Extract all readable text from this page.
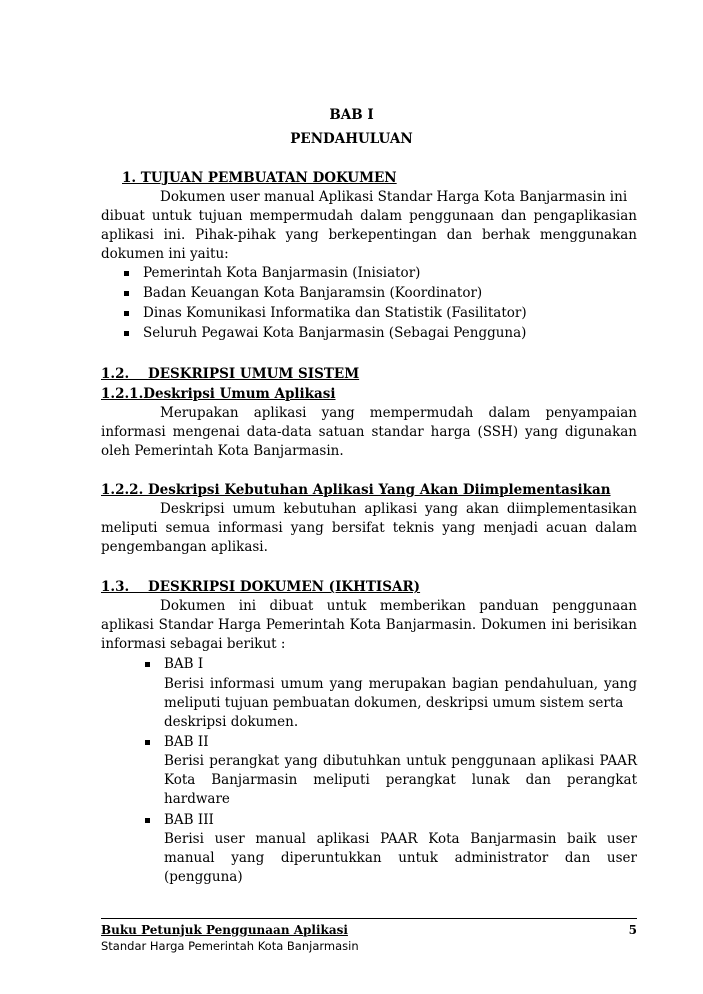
BAB I
PENDAHULUAN
1. TUJUAN PEMBUATAN DOKUMEN
Dokumen user manual Aplikasi Standar Harga Kota Banjarmasin ini
dibuat untuk tujuan mempermudah dalam penggunaan dan pengaplikasian
aplikasi ini. Pihak-pihak yang berkepentingan dan berhak menggunakan
dokumen ini yaitu:
Pemerintah Kota Banjarmasin (Inisiator)
Badan Keuangan Kota Banjaramsin (Koordinator)
Dinas Komunikasi Informatika dan Statistik (Fasilitator)
Seluruh Pegawai Kota Banjarmasin (Sebagai Pengguna)
1.2.    DESKRIPSI UMUM SISTEM
1.2.1.Deskripsi Umum Aplikasi
Merupakan aplikasi yang mempermudah dalam penyampaian
informasi mengenai data-data satuan standar harga (SSH) yang digunakan
oleh Pemerintah Kota Banjarmasin.
1.2.2. Deskripsi Kebutuhan Aplikasi Yang Akan Diimplementasikan
Deskripsi umum kebutuhan aplikasi yang akan diimplementasikan
meliputi semua informasi yang bersifat teknis yang menjadi acuan dalam
pengembangan aplikasi.
1.3.    DESKRIPSI DOKUMEN (IKHTISAR)
Dokumen ini dibuat untuk memberikan panduan penggunaan
aplikasi Standar Harga Pemerintah Kota Banjarmasin. Dokumen ini berisikan
informasi sebagai berikut :
BAB I
Berisi informasi umum yang merupakan bagian pendahuluan, yang
meliputi tujuan pembuatan dokumen, deskripsi umum sistem serta
deskripsi dokumen.
BAB II
Berisi perangkat yang dibutuhkan untuk penggunaan aplikasi PAAR
Kota Banjarmasin meliputi perangkat lunak dan perangkat
hardware
BAB III
Berisi user manual aplikasi PAAR Kota Banjarmasin baik user
manual yang diperuntukkan untuk administrator dan user
(pengguna)
Buku Petunjuk Penggunaan Aplikasi	5
Standar Harga Pemerintah Kota Banjarmasin
